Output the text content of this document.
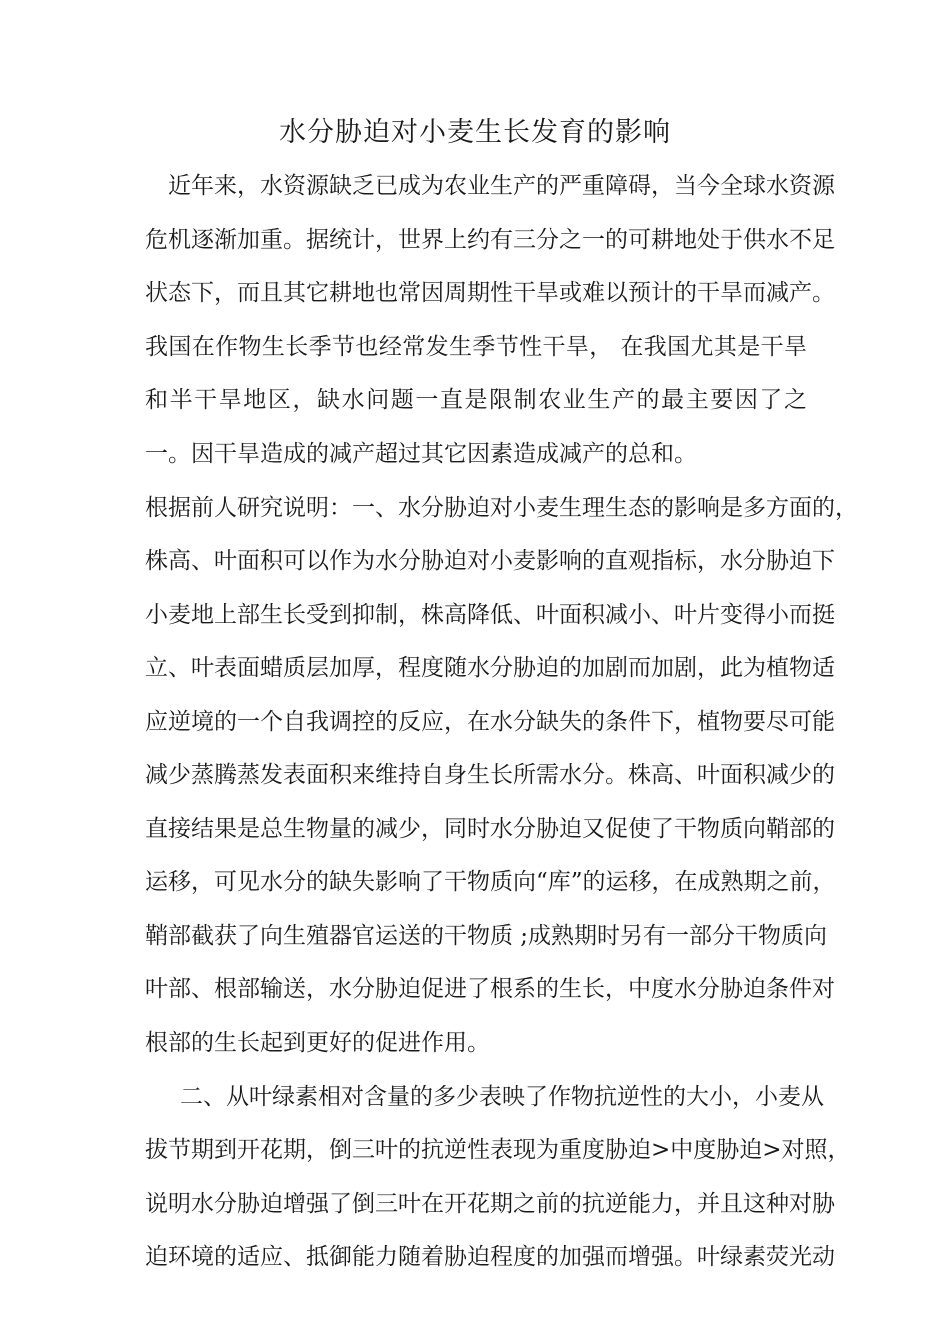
水分胁迫对小麦生长发育的影响

近年来，水资源缺乏已成为农业生产的严重障碍，当今全球水资源

危机逐渐加重。据统计，世界上约有三分之一的可耕地处于供水不足

状态下，而且其它耕地也常因周期性干旱或难以预计的干旱而减产。

我国在作物生长季节也经常发生季节性干旱， 在我国尤其是干旱

和半干旱地区，缺水问题一直是限制农业生产的最主要因了之

一。因干旱造成的减产超过其它因素造成减产的总和。

根据前人研究说明：一、水分胁迫对小麦生理生态的影响是多方面的，

株高、叶面积可以作为水分胁迫对小麦影响的直观指标，水分胁迫下

小麦地上部生长受到抑制，株高降低、叶面积减小、叶片变得小而挺

立、叶表面蜡质层加厚，程度随水分胁迫的加剧而加剧，此为植物适

应逆境的一个自我调控的反应，在水分缺失的条件下，植物要尽可能

减少蒸腾蒸发表面积来维持自身生长所需水分。株高、叶面积减少的

直接结果是总生物量的减少，同时水分胁迫又促使了干物质向鞘部的

运移，可见水分的缺失影响了干物质向“库”的运移，在成熟期之前，

鞘部截获了向生殖器官运送的干物质 ;成熟期时另有一部分干物质向

叶部、根部输送，水分胁迫促进了根系的生长，中度水分胁迫条件对

根部的生长起到更好的促进作用。

二、从叶绿素相对含量的多少表映了作物抗逆性的大小，小麦从

拔节期到开花期，倒三叶的抗逆性表现为重度胁迫>中度胁迫>对照，

说明水分胁迫增强了倒三叶在开花期之前的抗逆能力，并且这种对胁

迫环境的适应、抵御能力随着胁迫程度的加强而增强。叶绿素荧光动
